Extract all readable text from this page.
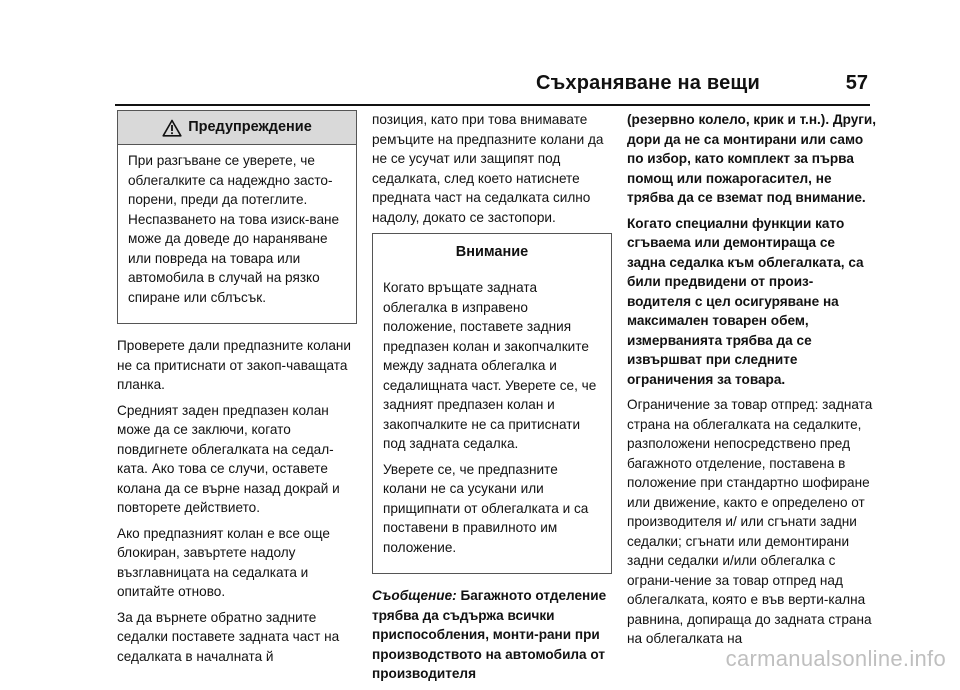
Съхраняване на вещи	57
Предупреждение

При разгъване се уверете, че облегалките са надеждно засто-порени, преди да потеглите. Неспазването на това изиск-ване може да доведе до нараняване или повреда на товара или автомобила в случай на рязко спиране или сблъсък.

Проверете дали предпазните колани не са притиснати от закоп-чаващата планка.

Средният заден предпазен колан може да се заключи, когато повдигнете облегалката на седал-ката. Ако това се случи, оставете колана да се върне назад докрай и повторете действието.

Ако предпазният колан е все още блокиран, завъртете надолу възглавницата на седалката и опитайте отново.

За да върнете обратно задните седалки поставете задната част на седалката в началната й

позиция, като при това внимавате ремъците на предпазните колани да не се усучат или защипят под седалката, след което натиснете предната част на седалката силно надолу, докато се застопори.

Внимание

Когато връщате задната облегалка в изправено положение, поставете задния предпазен колан и закопчалките между задната облегалка и седалищната част. Уверете се, че задният предпазен колан и закопчалките не са притиснати под задната седалка.

Уверете се, че предпазните колани не са усукани или прищипнати от облегалката и са поставени в правилното им положение.

Съобщение: Багажното отделение трябва да съдържа всички приспособления, монти-рани при производството на автомобила от производителя

(резервно колело, крик и т.н.). Други, дори да не са монтирани или само по избор, като комплект за първа помощ или пожарогасител, не трябва да се вземат под внимание.

Когато специални функции като сгъваема или демонтираща се задна седалка към облегалката, са били предвидени от произ-водителя с цел осигуряване на максимален товарен обем, измерванията трябва да се извършват при следните ограничения за товара.

Ограничение за товар отпред: задната страна на облегалката на седалките, разположени непосредствено пред багажното отделение, поставена в положение при стандартно шофиране или движение, както е определено от производителя и/ или сгънати задни седалки; сгънати или демонтирани задни седалки и/или облегалка с ограни-чение за товар отпред над облегалката, която е във верти-кална равнина, допираща до задната страна на облегалката на

carmanualsonline.info
